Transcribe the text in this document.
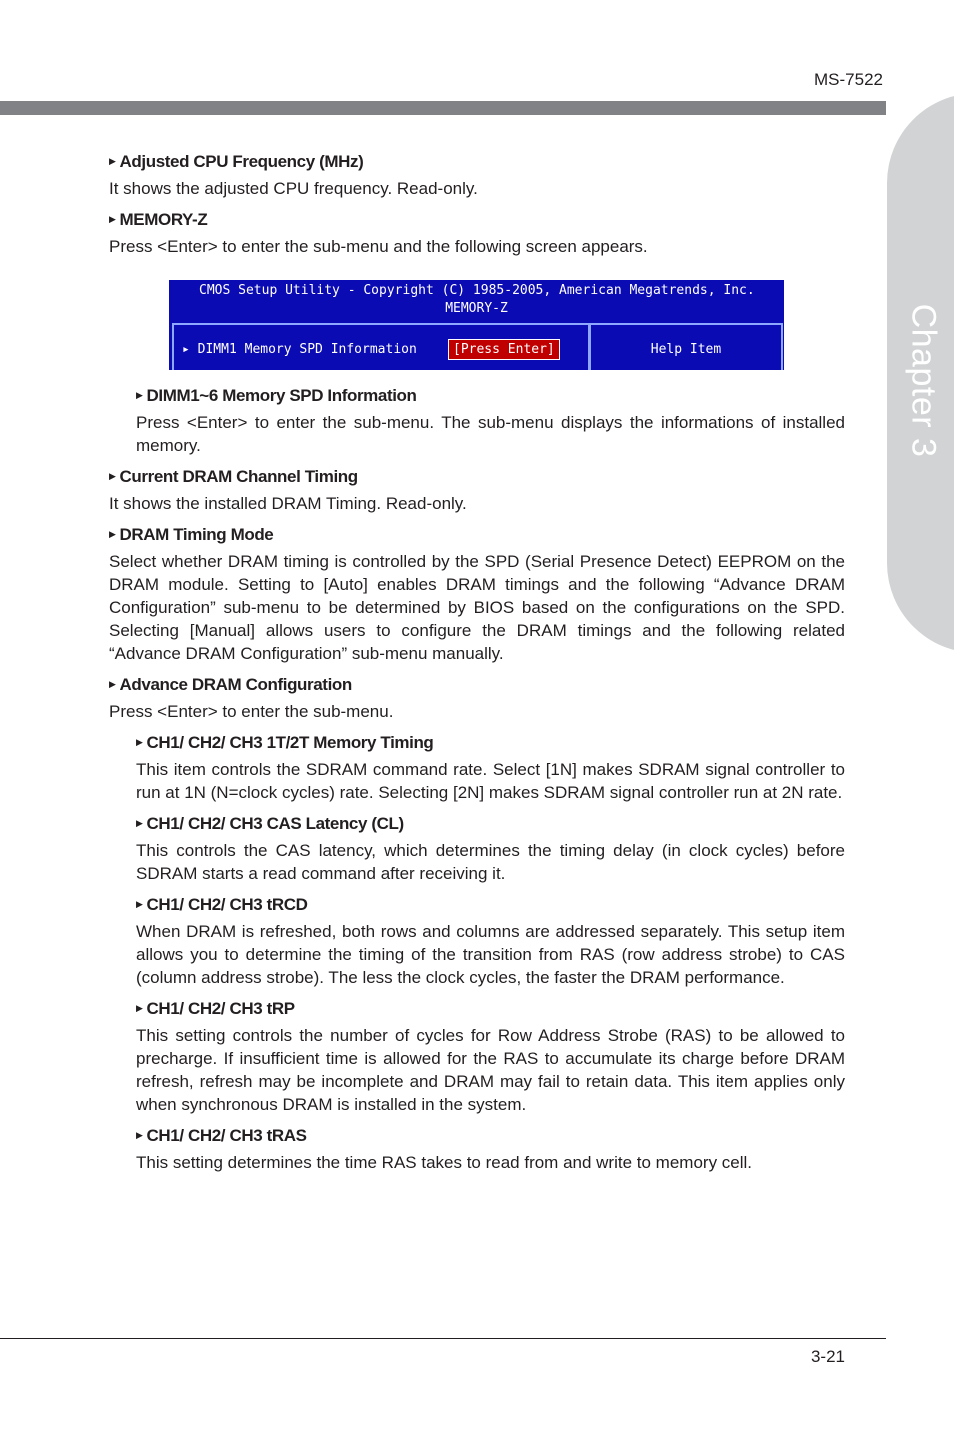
MS-7522
Chapter 3

▶ Adjusted CPU Frequency (MHz)

It shows the adjusted CPU frequency. Read-only.

▶ MEMORY-Z

Press <Enter> to enter the sub-menu and the following screen appears.

CMOS Setup Utility - Copyright (C) 1985-2005, American Megatrends, Inc.
MEMORY-Z
▸ DIMM1 Memory SPD Information	[Press Enter]	Help Item

▶ DIMM1~6 Memory SPD Information

Press <Enter> to enter the sub-menu. The sub-menu displays the informations of installed memory.

▶ Current DRAM Channel Timing

It shows the installed DRAM Timing. Read-only.

▶ DRAM Timing Mode

Select whether DRAM timing is controlled by the SPD (Serial Presence Detect) EEPROM on the DRAM module. Setting to [Auto] enables DRAM timings and the following “Advance DRAM Configuration” sub-menu to be determined by BIOS based on the configurations on the SPD. Selecting [Manual] allows users to configure the DRAM timings and the following related “Advance DRAM Configuration” sub-menu manually.

▶ Advance DRAM Configuration

Press <Enter> to enter the sub-menu.

▶ CH1/ CH2/ CH3 1T/2T Memory Timing

This item controls the SDRAM command rate. Select [1N] makes SDRAM signal controller to run at 1N (N=clock cycles) rate. Selecting [2N] makes SDRAM signal controller run at 2N rate.

▶ CH1/ CH2/ CH3 CAS Latency (CL)

This controls the CAS latency, which determines the timing delay (in clock cycles) before SDRAM starts a read command after receiving it.

▶ CH1/ CH2/ CH3 tRCD

When DRAM is refreshed, both rows and columns are addressed separately. This setup item allows you to determine the timing of the transition from RAS (row address strobe) to CAS (column address strobe). The less the clock cycles, the faster the DRAM performance.

▶ CH1/ CH2/ CH3 tRP

This setting controls the number of cycles for Row Address Strobe (RAS) to be allowed to precharge. If insufficient time is allowed for the RAS to accumulate its charge before DRAM refresh, refresh may be incomplete and DRAM may fail to retain data. This item applies only when synchronous DRAM is installed in the system.

▶ CH1/ CH2/ CH3 tRAS

This setting determines the time RAS takes to read from and write to memory cell.

3-21
